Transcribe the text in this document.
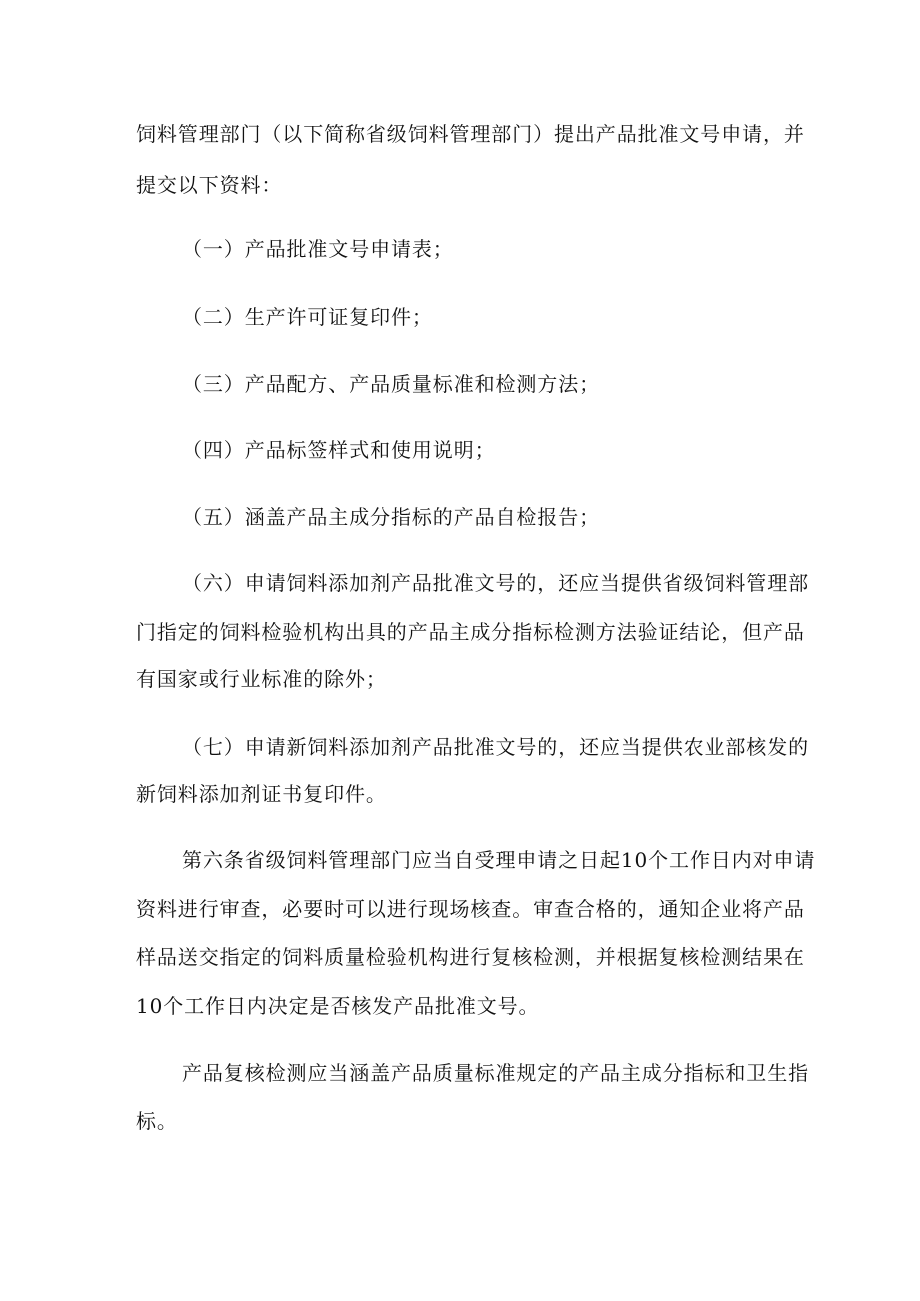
饲料管理部门（以下简称省级饲料管理部门）提出产品批准文号申请，并
提交以下资料：
（一）产品批准文号申请表；
（二）生产许可证复印件；
（三）产品配方、产品质量标准和检测方法；
（四）产品标签样式和使用说明；
（五）涵盖产品主成分指标的产品自检报告；
（六）申请饲料添加剂产品批准文号的，还应当提供省级饲料管理部
门指定的饲料检验机构出具的产品主成分指标检测方法验证结论，但产品
有国家或行业标准的除外；
（七）申请新饲料添加剂产品批准文号的，还应当提供农业部核发的
新饲料添加剂证书复印件。
第六条省级饲料管理部门应当自受理申请之日起10个工作日内对申请
资料进行审查，必要时可以进行现场核查。审查合格的，通知企业将产品
样品送交指定的饲料质量检验机构进行复核检测，并根据复核检测结果在
10个工作日内决定是否核发产品批准文号。
产品复核检测应当涵盖产品质量标准规定的产品主成分指标和卫生指
标。
